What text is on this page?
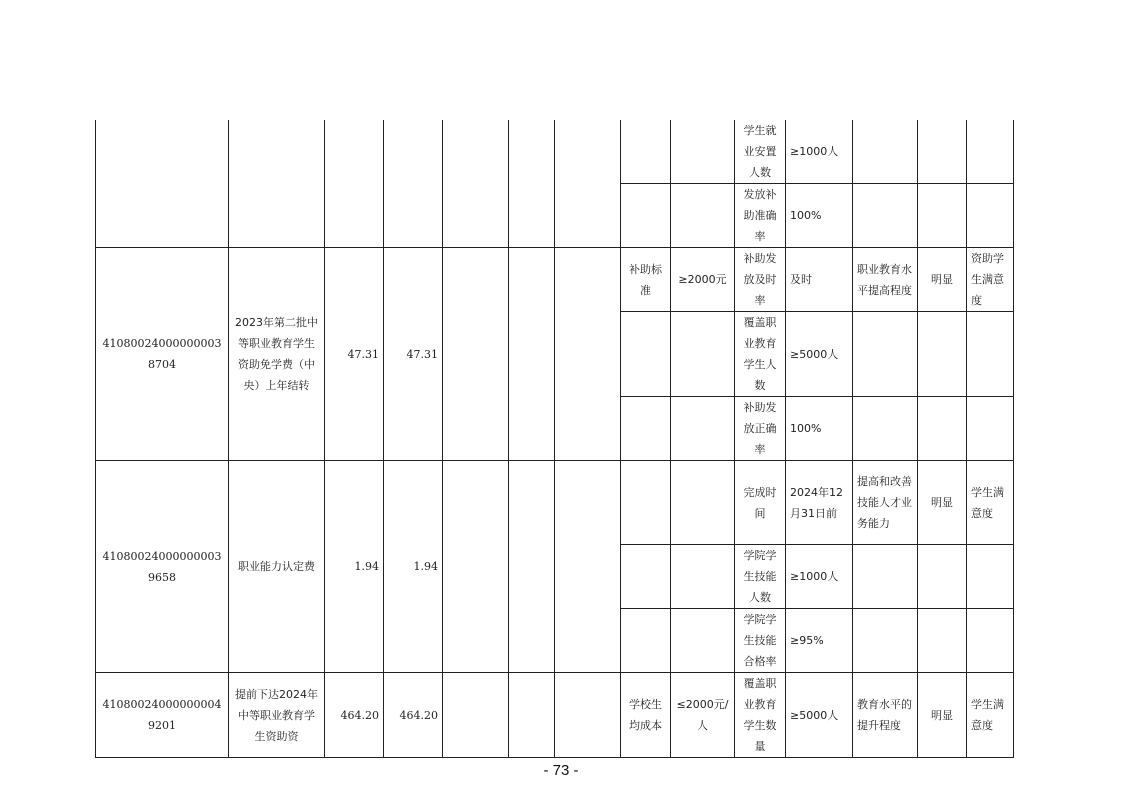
									学生就业安置人数	≥1000人				
									发放补助准确率	100%				
410800240000000038704	2023年第二批中等职业教育学生资助免学费（中央）上年结转	47.31	47.31				补助标准	≥2000元	补助发放及时率	及时	职业教育水平提高程度	明显	资助学生满意度	
									覆盖职业教育学生人数	≥5000人				
									补助发放正确率	100%				
410800240000000039658	职业能力认定费	1.94	1.94						完成时间	2024年12月31日前	提高和改善技能人才业务能力	明显	学生满意度	
									学院学生技能人数	≥1000人				
									学院学生技能合格率	≥95%				
410800240000000049201	提前下达2024年中等职业教育学生资助资	464.20	464.20				学校生均成本	≤2000元/人	覆盖职业教育学生数量	≥5000人	教育水平的提升程度	明显	学生满意度	
- 73 -
